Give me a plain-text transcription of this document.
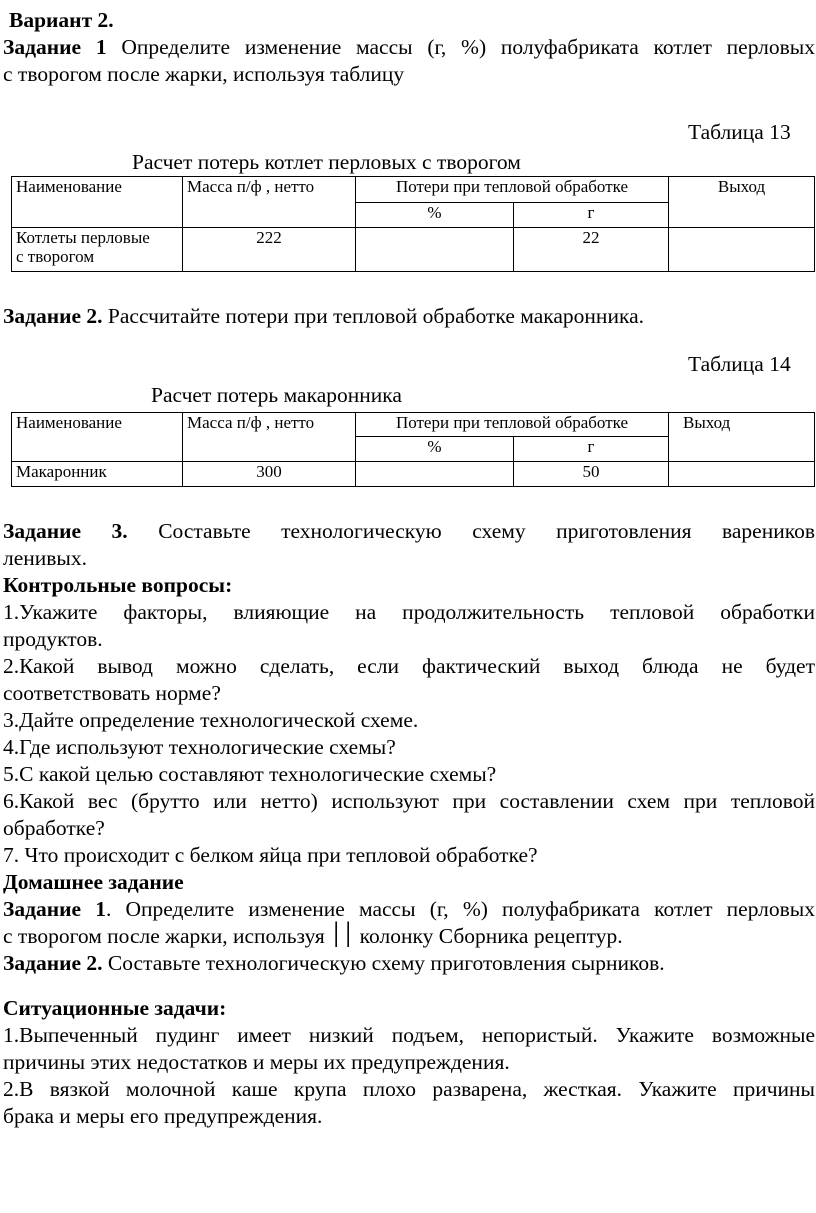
Вариант 2.
Задание 1 Определите изменение массы (г, %) полуфабриката котлет перловых
с творогом после жарки, используя таблицу
Таблица 13
Расчет потерь котлет перловых с творогом
Наименование	Масса п/ф , нетто	Потери при тепловой обработке		Выход
		%	г	
Котлеты перловые
с творогом	222		22	
Задание 2. Рассчитайте потери при тепловой обработке макаронника.
Таблица 14
Расчет потерь макаронника
Наименование	Масса п/ф , нетто	Потери при тепловой обработке		Выход
		%	г	
Макаронник	300		50	
Задание 3. Составьте технологическую схему приготовления вареников
ленивых.
Контрольные вопросы:
1.Укажите факторы, влияющие на продолжительность тепловой обработки
продуктов.
2.Какой вывод можно сделать, если фактический выход блюда не будет
соответствовать норме?
3.Дайте определение технологической схеме.
4.Где используют технологические схемы?
5.С какой целью составляют технологические схемы?
6.Какой вес (брутто или нетто) используют при составлении схем при тепловой
обработке?
7. Что происходит с белком яйца при тепловой обработке?
Домашнее задание
Задание 1. Определите изменение массы (г, %) полуфабриката котлет перловых
с творогом после жарки, используя ׀׀ колонку Сборника рецептур.
Задание 2. Составьте технологическую схему приготовления сырников.
Ситуационные задачи:
1.Выпеченный пудинг имеет низкий подъем, непористый. Укажите возможные
причины этих недостатков и меры их предупреждения.
2.В вязкой молочной каше крупа плохо разварена, жесткая. Укажите причины
брака и меры его предупреждения.
